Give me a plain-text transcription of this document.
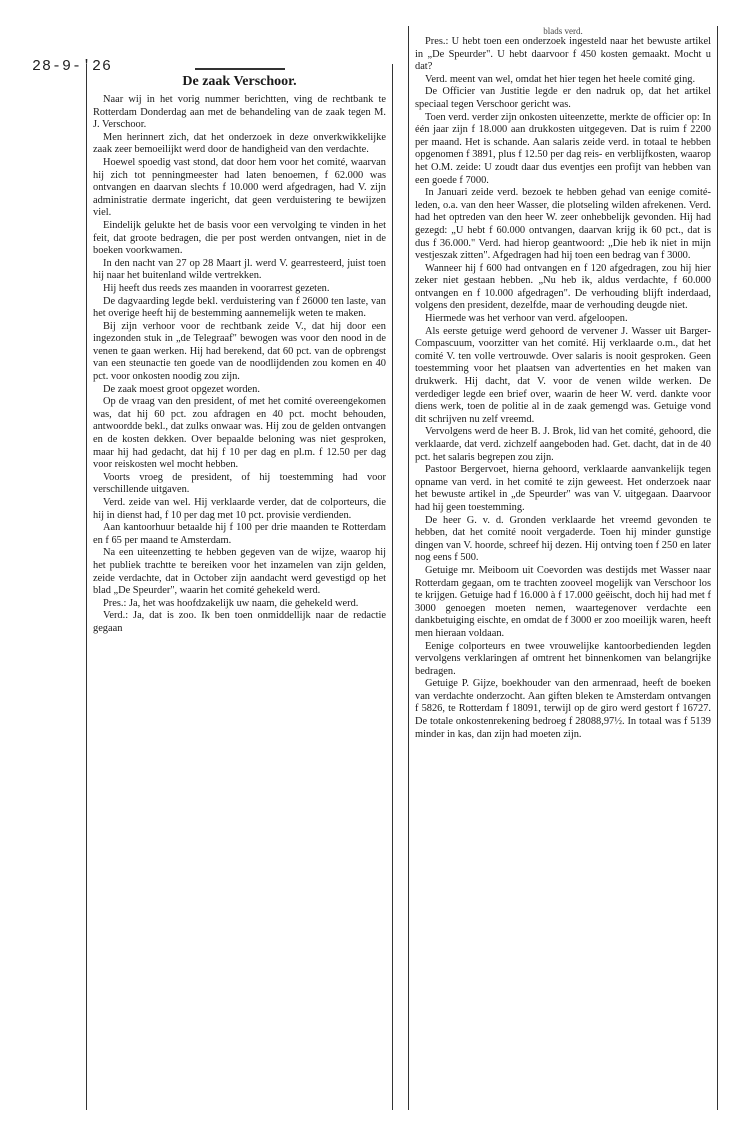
28-9-'26
De zaak Verschoor.

Naar wij in het vorig nummer berichtten, ving de rechtbank te Rotterdam Donderdag aan met de behandeling van de zaak tegen M. J. Verschoor.

Men herinnert zich, dat het onderzoek in deze onverkwikkelijke zaak zeer bemoeilijkt werd door de handigheid van den verdachte.

Hoewel spoedig vast stond, dat door hem voor het comité, waarvan hij zich tot penningmeester had laten benoemen, f 62.000 was ontvangen en daarvan slechts f 10.000 werd afgedragen, had V. zijn administratie dermate ingericht, dat geen verduistering te bewijzen viel.

Eindelijk gelukte het de basis voor een vervolging te vinden in het feit, dat groote bedragen, die per post werden ontvangen, niet in de boeken voorkwamen.

In den nacht van 27 op 28 Maart jl. werd V. gearresteerd, juist toen hij naar het buitenland wilde vertrekken.

Hij heeft dus reeds zes maanden in voorarrest gezeten.

De dagvaarding legde bekl. verduistering van f 26000 ten laste, van het overige heeft hij de bestemming aannemelijk weten te maken.

Bij zijn verhoor voor de rechtbank zeide V., dat hij door een ingezonden stuk in „de Telegraaf" bewogen was voor den nood in de venen te gaan werken. Hij had berekend, dat 60 pct. van de opbrengst van een steunactie ten goede van de noodlijdenden zou komen en 40 pct. voor onkosten noodig zou zijn.

De zaak moest groot opgezet worden.

Op de vraag van den president, of met het comité overeengekomen was, dat hij 60 pct. zou afdragen en 40 pct. mocht behouden, antwoordde bekl., dat zulks onwaar was. Hij zou de gelden ontvangen en de kosten dekken. Over bepaalde beloning was niet gesproken, maar hij had gedacht, dat hij f 10 per dag en pl.m. f 12.50 per dag voor reiskosten wel mocht hebben.

Voorts vroeg de president, of hij toestemming had voor verschillende uitgaven.

Verd. zeide van wel. Hij verklaarde verder, dat de colporteurs, die hij in dienst had, f 10 per dag met 10 pct. provisie verdienden.

Aan kantoorhuur betaalde hij f 100 per drie maanden te Rotterdam en f 65 per maand te Amsterdam.

Na een uiteenzetting te hebben gegeven van de wijze, waarop hij het publiek trachtte te bereiken voor het inzamelen van zijn gelden, zeide verdachte, dat in October zijn aandacht werd gevestigd op het blad „De Speurder", waarin het comité gehekeld werd.

Pres.: Ja, het was hoofdzakelijk uw naam, die gehekeld werd.

Verd.: Ja, dat is zoo. Ik ben toen onmiddellijk naar de redactie gegaan

blads verd.

Pres.: U hebt toen een onderzoek ingesteld naar het bewuste artikel in „De Speurder". U hebt daarvoor f 450 kosten gemaakt. Mocht u dat?

Verd. meent van wel, omdat het hier tegen het heele comité ging.

De Officier van Justitie legde er den nadruk op, dat het artikel speciaal tegen Verschoor gericht was.

Toen verd. verder zijn onkosten uiteenzette, merkte de officier op: In één jaar zijn f 18.000 aan drukkosten uitgegeven. Dat is ruim f 2200 per maand. Het is schande. Aan salaris zeide verd. in totaal te hebben opgenomen f 3891, plus f 12.50 per dag reis- en verblijfkosten, waarop het O.M. zeide: U zoudt daar dus eventjes een profijt van hebben van een goede f 7000.

In Januari zeide verd. bezoek te hebben gehad van eenige comité-leden, o.a. van den heer Wasser, die plotseling wilden afrekenen. Verd. had het optreden van den heer W. zeer onhebbelijk gevonden. Hij had gezegd: „U hebt f 60.000 ontvangen, daarvan krijg ik 60 pct., dat is dus f 36.000." Verd. had hierop geantwoord: „Die heb ik niet in mijn vestjeszak zitten". Afgedragen had hij toen een bedrag van f 3000.

Wanneer hij f 600 had ontvangen en f 120 afgedragen, zou hij hier zeker niet gestaan hebben. „Nu heb ik, aldus verdachte, f 60.000 ontvangen en f 10.000 afgedragen". De verhouding blijft inderdaad, volgens den president, dezelfde, maar de verhouding deugde niet.

Hiermede was het verhoor van verd. afgeloopen.

Als eerste getuige werd gehoord de vervener J. Wasser uit Barger-Compascuum, voorzitter van het comité. Hij verklaarde o.m., dat het comité V. ten volle vertrouwde. Over salaris is nooit gesproken. Geen toestemming voor het plaatsen van advertenties en het maken van drukwerk. Hij dacht, dat V. voor de venen wilde werken. De verdediger legde een brief over, waarin de heer W. verd. dankte voor diens werk, toen de politie al in de zaak gemengd was. Getuige vond dit schrijven nu zelf vreemd.

Vervolgens werd de heer B. J. Brok, lid van het comité, gehoord, die verklaarde, dat verd. zichzelf aangeboden had. Get. dacht, dat in de 40 pct. het salaris begrepen zou zijn.

Pastoor Bergervoet, hierna gehoord, verklaarde aanvankelijk tegen opname van verd. in het comité te zijn geweest. Het onderzoek naar het bewuste artikel in „de Speurder" was van V. uitgegaan. Daarvoor had hij geen toestemming.

De heer G. v. d. Gronden verklaarde het vreemd gevonden te hebben, dat het comité nooit vergaderde. Toen hij minder gunstige dingen van V. hoorde, schreef hij dezen. Hij ontving toen f 250 en later nog eens f 500.

Getuige mr. Meiboom uit Coevorden was destijds met Wasser naar Rotterdam gegaan, om te trachten zooveel mogelijk van Verschoor los te krijgen. Getuige had f 16.000 à f 17.000 geëischt, doch hij had met f 3000 genoegen moeten nemen, waartegenover verdachte een dankbetuiging eischte, en omdat de f 3000 er zoo moeilijk waren, heeft men hieraan voldaan.

Eenige colporteurs en twee vrouwelijke kantoorbedienden legden vervolgens verklaringen af omtrent het binnenkomen van belangrijke bedragen.

Getuige P. Gijze, boekhouder van den armenraad, heeft de boeken van verdachte onderzocht. Aan giften bleken te Amsterdam ontvangen f 5826, te Rotterdam f 18091, terwijl op de giro werd gestort f 16727. De totale onkostenrekening bedroeg f 28088,97½. In totaal was f 5139 minder in kas, dan zijn had moeten zijn.
